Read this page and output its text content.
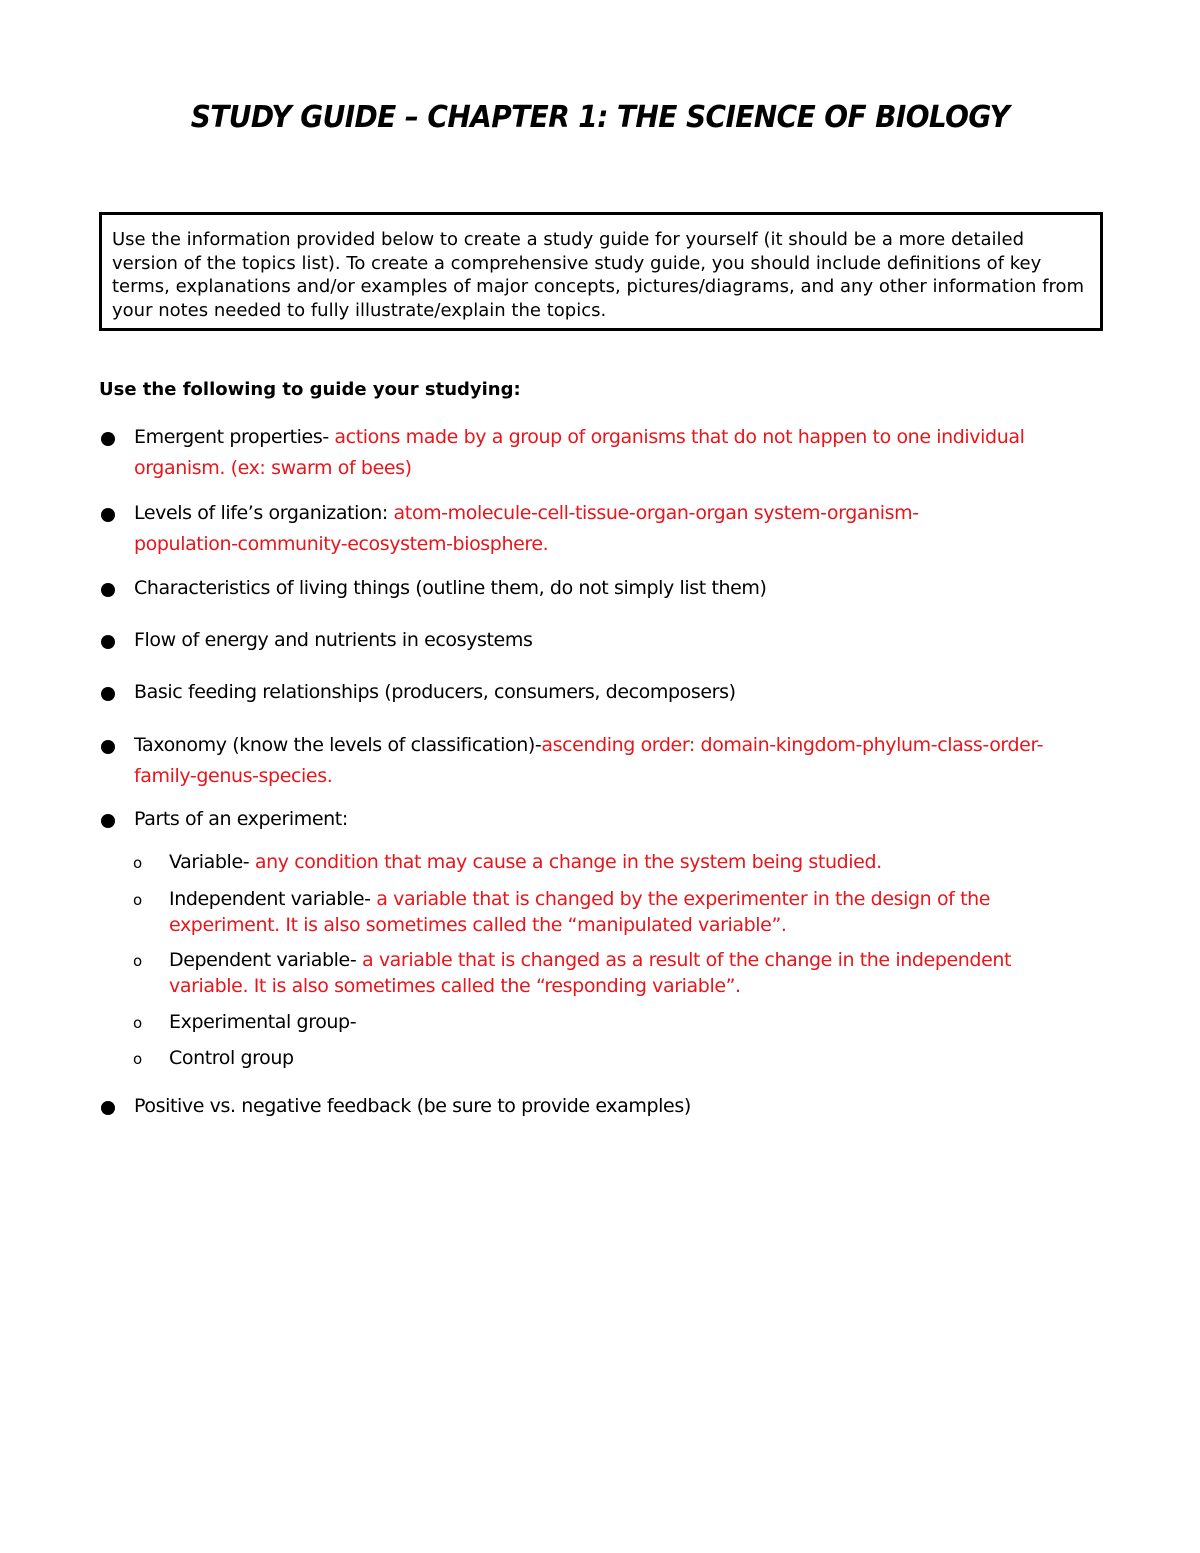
STUDY GUIDE – CHAPTER 1: THE SCIENCE OF BIOLOGY
Use the information provided below to create a study guide for yourself (it should be a more detailed version of the topics list). To create a comprehensive study guide, you should include definitions of key terms, explanations and/or examples of major concepts, pictures/diagrams, and any other information from your notes needed to fully illustrate/explain the topics.
Use the following to guide your studying:
Emergent properties- actions made by a group of organisms that do not happen to one individual organism. (ex: swarm of bees)
Levels of life’s organization: atom-molecule-cell-tissue-organ-organ system-organism-population-community-ecosystem-biosphere.
Characteristics of living things (outline them, do not simply list them)
Flow of energy and nutrients in ecosystems
Basic feeding relationships (producers, consumers, decomposers)
Taxonomy (know the levels of classification)-ascending order: domain-kingdom-phylum-class-order-family-genus-species.
Parts of an experiment:
o Variable- any condition that may cause a change in the system being studied.
o Independent variable- a variable that is changed by the experimenter in the design of the experiment. It is also sometimes called the “manipulated variable”.
o Dependent variable- a variable that is changed as a result of the change in the independent variable. It is also sometimes called the “responding variable”.
o Experimental group-
o Control group
Positive vs. negative feedback (be sure to provide examples)
